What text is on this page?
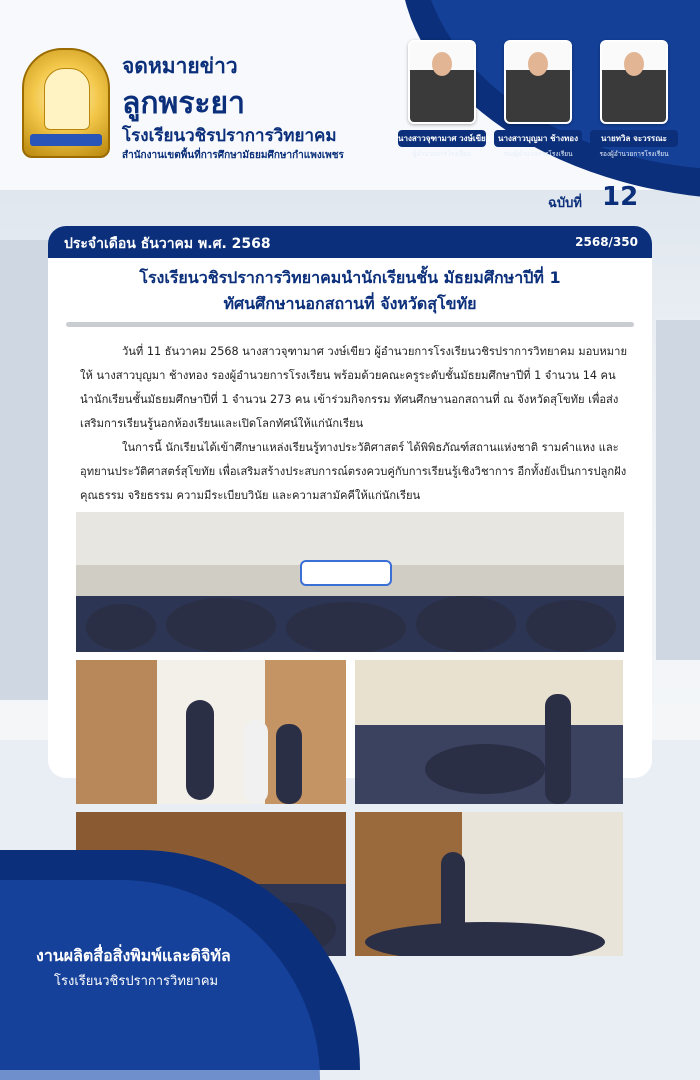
จดหมายข่าว
ลูกพระยา
โรงเรียนวชิรปราการวิทยาคม
สำนักงานเขตพื้นที่การศึกษามัธยมศึกษากำแพงเพชร
นางสาวจุฑามาศ วงษ์เขียว
ผู้อำนวยการโรงเรียน
นางสาวบุญมา ช้างทอง
รองผู้อำนวยการโรงเรียน
นายทวิล จะวรรณะ
รองผู้อำนวยการโรงเรียน
ฉบับที่ 12
ประจำเดือน ธันวาคม พ.ศ. 2568	2568/350
โรงเรียนวชิรปราการวิทยาคมนำนักเรียนชั้น มัธยมศึกษาปีที่ 1
ทัศนศึกษานอกสถานที่ จังหวัดสุโขทัย
วันที่ 11 ธันวาคม 2568 นางสาวจุฑามาศ วงษ์เขียว ผู้อำนวยการโรงเรียนวชิรปราการวิทยาคม มอบหมายให้ นางสาวบุญมา ช้างทอง รองผู้อำนวยการโรงเรียน พร้อมด้วยคณะครูระดับชั้นมัธยมศึกษาปีที่ 1 จำนวน 14 คน นำนักเรียนชั้นมัธยมศึกษาปีที่ 1 จำนวน 273 คน เข้าร่วมกิจกรรม ทัศนศึกษานอกสถานที่ ณ จังหวัดสุโขทัย เพื่อส่งเสริมการเรียนรู้นอกห้องเรียนและเปิดโลกทัศน์ให้แก่นักเรียน
ในการนี้ นักเรียนได้เข้าศึกษาแหล่งเรียนรู้ทางประวัติศาสตร์ ได้พิพิธภัณฑ์สถานแห่งชาติ รามคำแหง และอุทยานประวัติศาสตร์สุโขทัย เพื่อเสริมสร้างประสบการณ์ตรงควบคู่กับการเรียนรู้เชิงวิชาการ อีกทั้งยังเป็นการปลูกฝังคุณธรรม จริยธรรม ความมีระเบียบวินัย และความสามัคคีให้แก่นักเรียน
งานผลิตสื่อสิ่งพิมพ์และดิจิทัล
โรงเรียนวชิรปราการวิทยาคม
